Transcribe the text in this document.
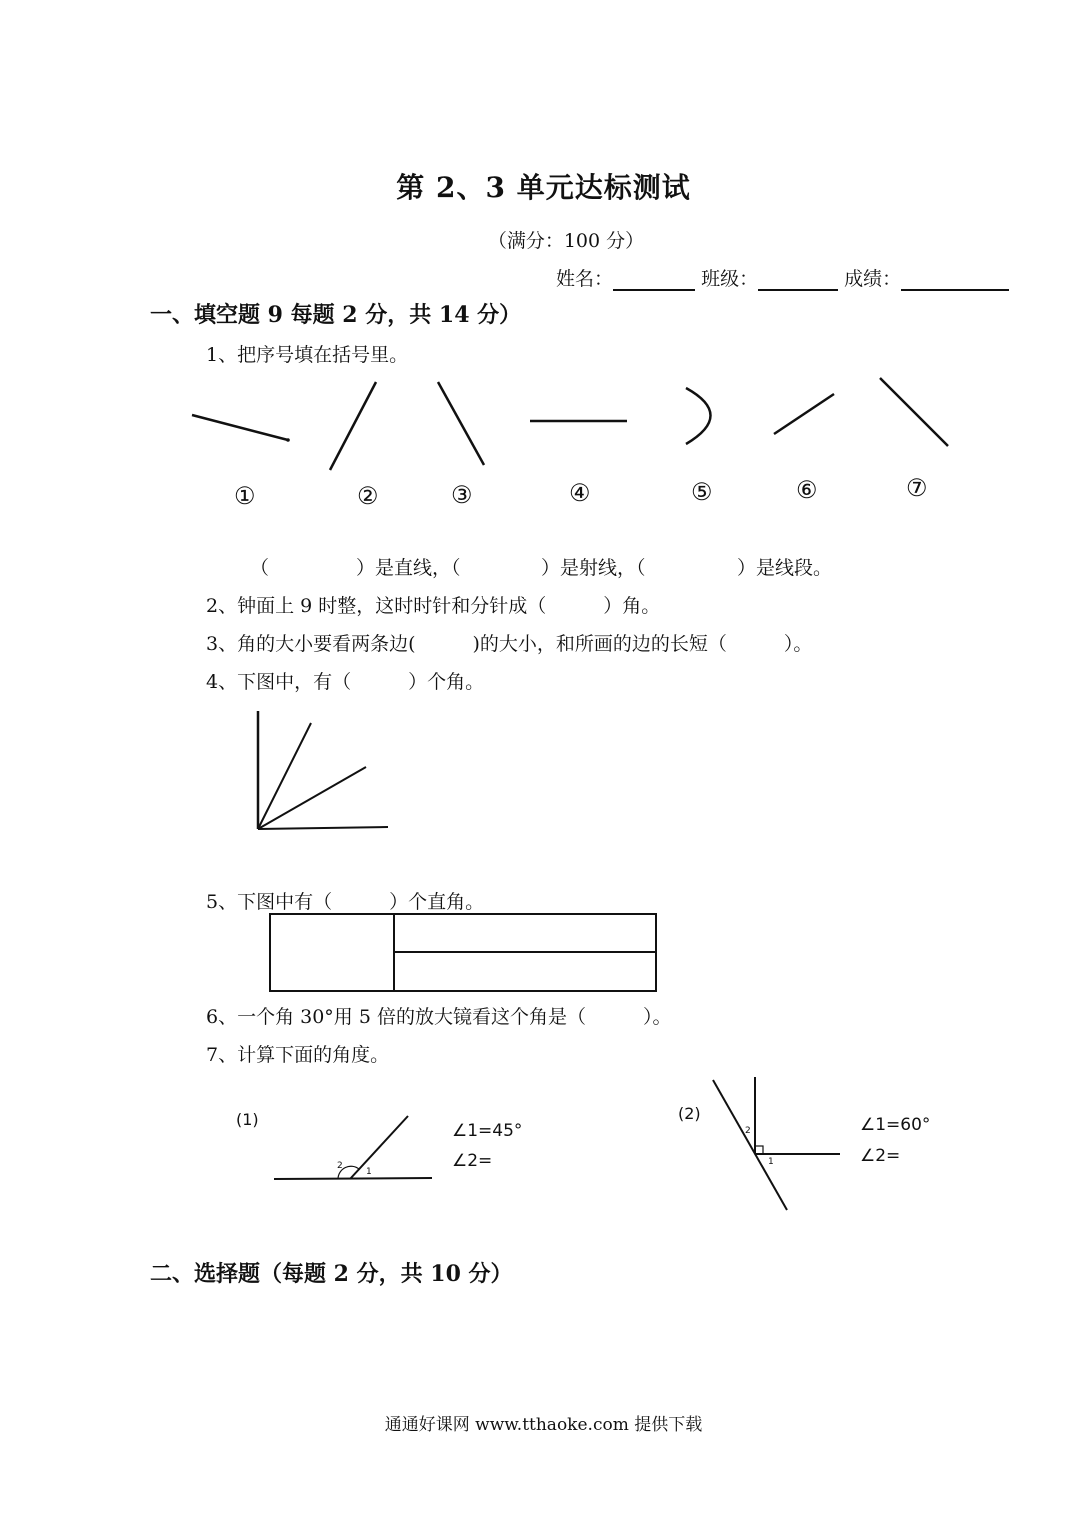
第 2、3 单元达标测试
（满分：100 分）
姓名：	班级：	成绩：
一、填空题 9 每题 2 分，共 14 分）
1、把序号填在括号里。
①	②	③	④	⑤	⑥	⑦
（	）是直线，（	）是射线，（	）是线段。
2、钟面上 9 时整，这时时针和分针成（　　　）角。
3、角的大小要看两条边(　　　)的大小，和所画的边的长短（　　　）。
4、下图中，有（　　　）个角。
5、下图中有（　　　）个直角。
6、一个角 30°用 5 倍的放大镜看这个角是（　　　）。
7、计算下面的角度。
(1)
2
1
∠1=45°
∠2=
(2)
2
1
∠1=60°
∠2=
二、选择题（每题 2 分，共 10 分）
通通好课网 www.tthaoke.com 提供下载
